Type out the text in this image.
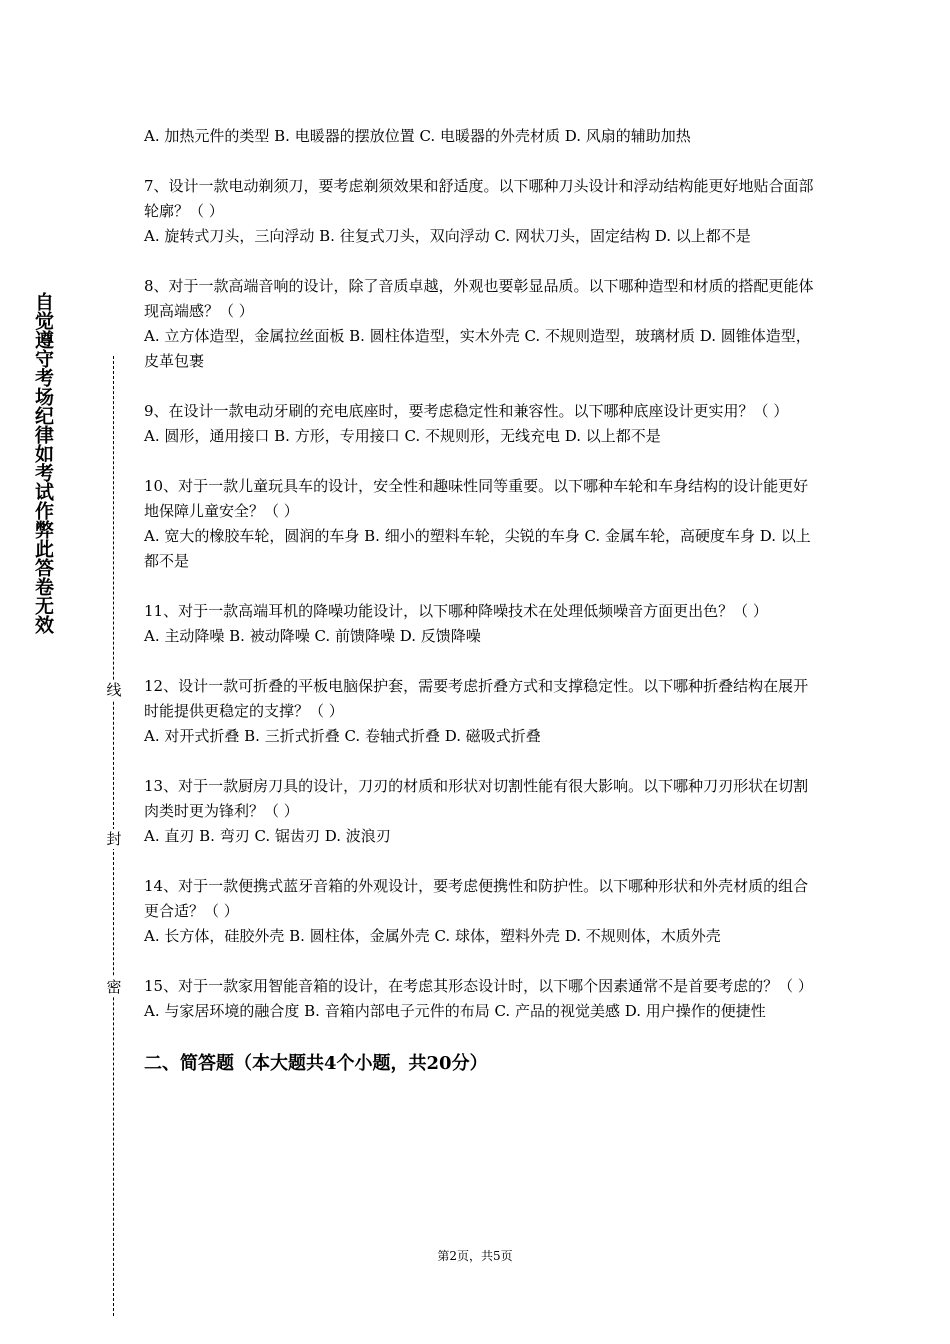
自觉遵守考场纪律如考试作弊此答卷无效
线
封
密
A. 加热元件的类型 B. 电暖器的摆放位置 C. 电暖器的外壳材质 D. 风扇的辅助加热
7、设计一款电动剃须刀，要考虑剃须效果和舒适度。以下哪种刀头设计和浮动结构能更好地贴合面部轮廓？（ ）
A. 旋转式刀头，三向浮动 B. 往复式刀头，双向浮动 C. 网状刀头，固定结构 D. 以上都不是
8、对于一款高端音响的设计，除了音质卓越，外观也要彰显品质。以下哪种造型和材质的搭配更能体现高端感？（ ）
A. 立方体造型，金属拉丝面板 B. 圆柱体造型，实木外壳 C. 不规则造型，玻璃材质 D. 圆锥体造型，皮革包裹
9、在设计一款电动牙刷的充电底座时，要考虑稳定性和兼容性。以下哪种底座设计更实用？（ ）
A. 圆形，通用接口 B. 方形，专用接口 C. 不规则形，无线充电 D. 以上都不是
10、对于一款儿童玩具车的设计，安全性和趣味性同等重要。以下哪种车轮和车身结构的设计能更好地保障儿童安全？（ ）
A. 宽大的橡胶车轮，圆润的车身 B. 细小的塑料车轮，尖锐的车身 C. 金属车轮，高硬度车身 D. 以上都不是
11、对于一款高端耳机的降噪功能设计，以下哪种降噪技术在处理低频噪音方面更出色？（ ）
A. 主动降噪 B. 被动降噪 C. 前馈降噪 D. 反馈降噪
12、设计一款可折叠的平板电脑保护套，需要考虑折叠方式和支撑稳定性。以下哪种折叠结构在展开时能提供更稳定的支撑？（ ）
A. 对开式折叠 B. 三折式折叠 C. 卷轴式折叠 D. 磁吸式折叠
13、对于一款厨房刀具的设计，刀刃的材质和形状对切割性能有很大影响。以下哪种刀刃形状在切割肉类时更为锋利？（ ）
A. 直刃 B. 弯刃 C. 锯齿刃 D. 波浪刃
14、对于一款便携式蓝牙音箱的外观设计，要考虑便携性和防护性。以下哪种形状和外壳材质的组合更合适？（ ）
A. 长方体，硅胶外壳 B. 圆柱体，金属外壳 C. 球体，塑料外壳 D. 不规则体，木质外壳
15、对于一款家用智能音箱的设计，在考虑其形态设计时，以下哪个因素通常不是首要考虑的？（ ）
A. 与家居环境的融合度 B. 音箱内部电子元件的布局 C. 产品的视觉美感 D. 用户操作的便捷性
二、简答题（本大题共4个小题，共20分）
第2页，共5页
